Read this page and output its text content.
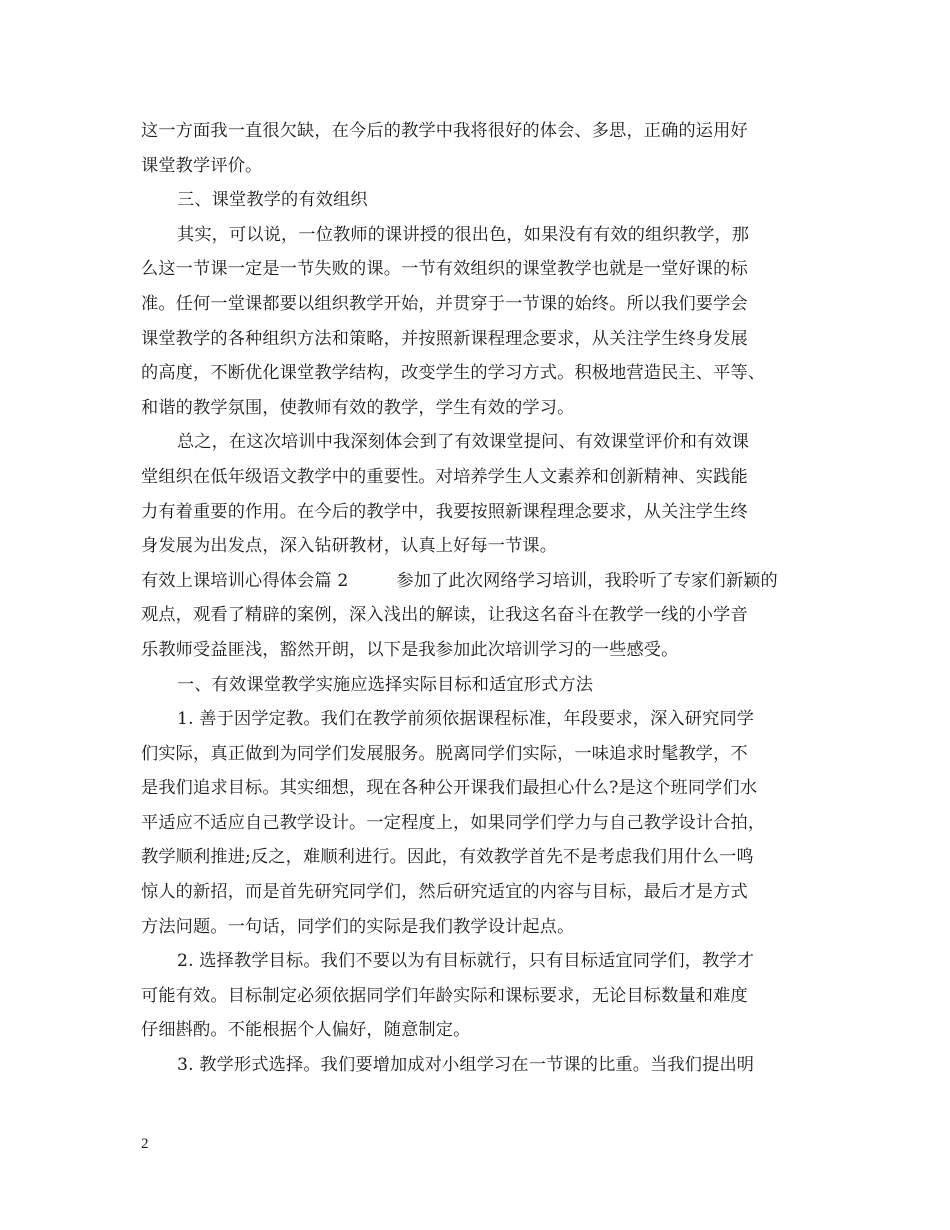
这一方面我一直很欠缺，在今后的教学中我将很好的体会、多思，正确的运用好
课堂教学评价。
三、课堂教学的有效组织
其实，可以说，一位教师的课讲授的很出色，如果没有有效的组织教学，那
么这一节课一定是一节失败的课。一节有效组织的课堂教学也就是一堂好课的标
准。任何一堂课都要以组织教学开始，并贯穿于一节课的始终。所以我们要学会
课堂教学的各种组织方法和策略，并按照新课程理念要求，从关注学生终身发展
的高度，不断优化课堂教学结构，改变学生的学习方式。积极地营造民主、平等、
和谐的教学氛围，使教师有效的教学，学生有效的学习。
总之，在这次培训中我深刻体会到了有效课堂提问、有效课堂评价和有效课
堂组织在低年级语文教学中的重要性。对培养学生人文素养和创新精神、实践能
力有着重要的作用。在今后的教学中，我要按照新课程理念要求，从关注学生终
身发展为出发点，深入钻研教材，认真上好每一节课。
有效上课培训心得体会篇 2	参加了此次网络学习培训，我聆听了专家们新颖的
观点，观看了精辟的案例，深入浅出的解读，让我这名奋斗在教学一线的小学音
乐教师受益匪浅，豁然开朗，以下是我参加此次培训学习的一些感受。
一、有效课堂教学实施应选择实际目标和适宜形式方法
1. 善于因学定教。我们在教学前须依据课程标准，年段要求，深入研究同学
们实际，真正做到为同学们发展服务。脱离同学们实际，一味追求时髦教学，不
是我们追求目标。其实细想，现在各种公开课我们最担心什么?是这个班同学们水
平适应不适应自己教学设计。一定程度上，如果同学们学力与自己教学设计合拍，
教学顺利推进;反之，难顺利进行。因此，有效教学首先不是考虑我们用什么一鸣
惊人的新招，而是首先研究同学们，然后研究适宜的内容与目标，最后才是方式
方法问题。一句话，同学们的实际是我们教学设计起点。
2. 选择教学目标。我们不要以为有目标就行，只有目标适宜同学们，教学才
可能有效。目标制定必须依据同学们年龄实际和课标要求，无论目标数量和难度
仔细斟酌。不能根据个人偏好，随意制定。
3. 教学形式选择。我们要增加成对小组学习在一节课的比重。当我们提出明
2
